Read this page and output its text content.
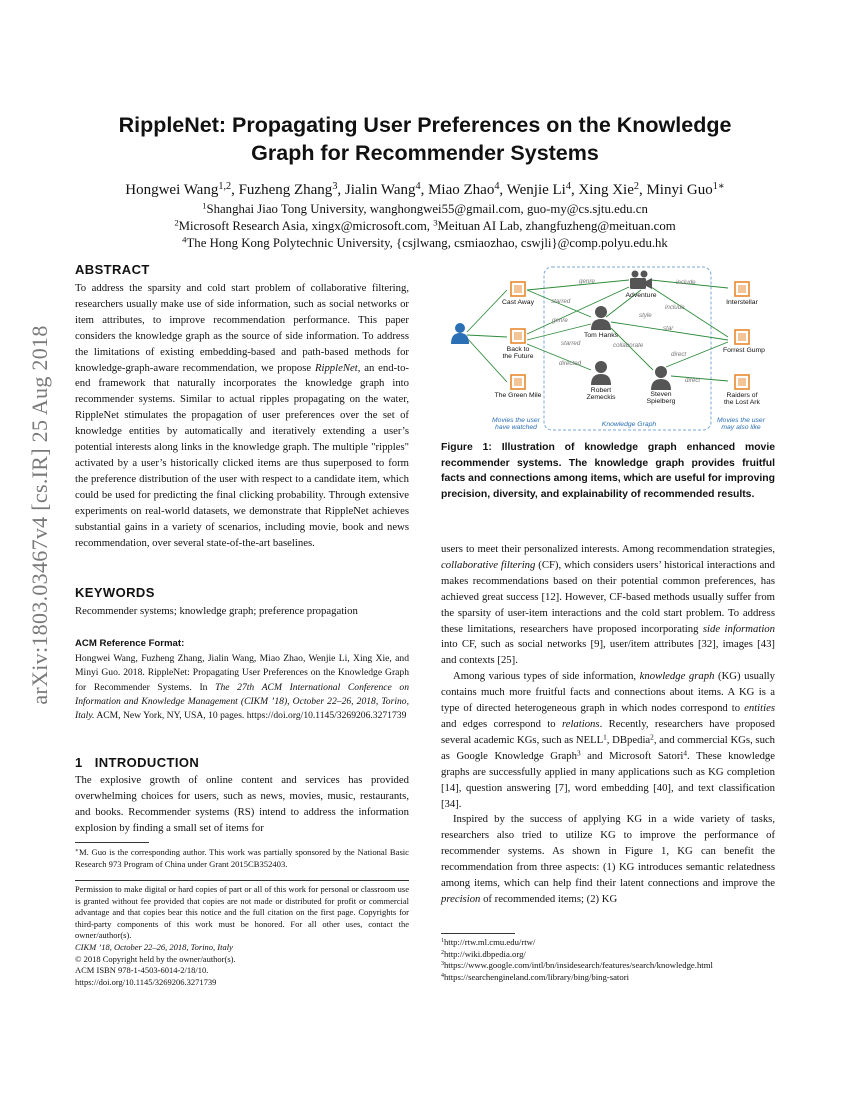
arXiv:1803.03467v4 [cs.IR] 25 Aug 2018
RippleNet: Propagating User Preferences on the Knowledge
Graph for Recommender Systems
Hongwei Wang$^{1,2}$, Fuzheng Zhang$^3$, Jialin Wang$^4$, Miao Zhao$^4$, Wenjie Li$^4$, Xing Xie$^2$, Minyi Guo$^{1∗}$
$^1$Shanghai Jiao Tong University, wanghongwei55@gmail.com, guo-my@cs.sjtu.edu.cn
$^2$Microsoft Research Asia, xingx@microsoft.com, $^3$Meituan AI Lab, zhangfuzheng@meituan.com
$^4$The Hong Kong Polytechnic University, {csjlwang, csmiaozhao, cswjli}@comp.polyu.edu.hk
ABSTRACT

To address the sparsity and cold start problem of collaborative filtering, researchers usually make use of side information, such as social networks or item attributes, to improve recommendation performance. This paper considers the knowledge graph as the source of side information. To address the limitations of existing embedding-based and path-based methods for knowledge-graph-aware recommendation, we propose RippleNet, an end-to-end framework that naturally incorporates the knowledge graph into recommender systems. Similar to actual ripples propagating on the water, RippleNet stimulates the propagation of user preferences over the set of knowledge entities by automatically and iteratively extending a user’s potential interests along links in the knowledge graph. The multiple "ripples" activated by a user’s historically clicked items are thus superposed to form the preference distribution of the user with respect to a candidate item, which could be used for predicting the final clicking probability. Through extensive experiments on real-world datasets, we demonstrate that RippleNet achieves substantial gains in a variety of scenarios, including movie, book and news recommendation, over several state-of-the-art baselines.

KEYWORDS
Recommender systems; knowledge graph; preference propagation
ACM Reference Format:
Hongwei Wang, Fuzheng Zhang, Jialin Wang, Miao Zhao, Wenjie Li, Xing Xie, and Minyi Guo. 2018. RippleNet: Propagating User Preferences on the Knowledge Graph for Recommender Systems. In The 27th ACM International Conference on Information and Knowledge Management (CIKM ’18), October 22–26, 2018, Torino, Italy. ACM, New York, NY, USA, 10 pages. https://doi.org/10.1145/3269206.3271739
1 INTRODUCTION
The explosive growth of online content and services has provided overwhelming choices for users, such as news, movies, music, restaurants, and books. Recommender systems (RS) intend to address the information explosion by finding a small set of items for
∗M. Guo is the corresponding author. This work was partially sponsored by the National Basic Research 973 Program of China under Grant 2015CB352403.
Permission to make digital or hard copies of part or all of this work for personal or classroom use is granted without fee provided that copies are not made or distributed for profit or commercial advantage and that copies bear this notice and the full citation on the first page. Copyrights for third-party components of this work must be honored. For all other uses, contact the owner/author(s).
CIKM ’18, October 22–26, 2018, Torino, Italy
© 2018 Copyright held by the owner/author(s).
ACM ISBN 978-1-4503-6014-2/18/10.
https://doi.org/10.1145/3269206.3271739
genre	include
starred
include
style
genre
star
starred	collaborate
directed
direct
direct
Cast Away
Back to
the Future
The Green Mile
Adventure
Tom Hanks
Robert
Zemeckis	Steven
Spielberg
Interstellar
Forrest Gump
Raiders of
the Lost Ark
Movies the user
have watched	Knowledge Graph
Movies the user
may also like
Figure 1: Illustration of knowledge graph enhanced movie recommender systems. The knowledge graph provides fruitful facts and connections among items, which are useful for improving precision, diversity, and explainability of recommended results.

users to meet their personalized interests. Among recommendation strategies, collaborative filtering (CF), which considers users’ historical interactions and makes recommendations based on their potential common preferences, has achieved great success [12]. However, CF-based methods usually suffer from the sparsity of user-item interactions and the cold start problem. To address these limitations, researchers have proposed incorporating side information into CF, such as social networks [9], user/item attributes [32], images [43] and contexts [25].

Among various types of side information, knowledge graph (KG) usually contains much more fruitful facts and connections about items. A KG is a type of directed heterogeneous graph in which nodes correspond to entities and edges correspond to relations. Recently, researchers have proposed several academic KGs, such as NELL$^1$, DBpedia$^2$, and commercial KGs, such as Google Knowledge Graph$^3$ and Microsoft Satori$^4$. These knowledge graphs are successfully applied in many applications such as KG completion [14], question answering [7], word embedding [40], and text classification [34].

Inspired by the success of applying KG in a wide variety of tasks, researchers also tried to utilize KG to improve the performance of recommender systems. As shown in Figure 1, KG can benefit the recommendation from three aspects: (1) KG introduces semantic relatedness among items, which can help find their latent connections and improve the precision of recommended items; (2) KG

$^1$http://rtw.ml.cmu.edu/rtw/
$^2$http://wiki.dbpedia.org/
$^3$https://www.google.com/intl/bn/insidesearch/features/search/knowledge.html
$^4$https://searchengineland.com/library/bing/bing-satori
